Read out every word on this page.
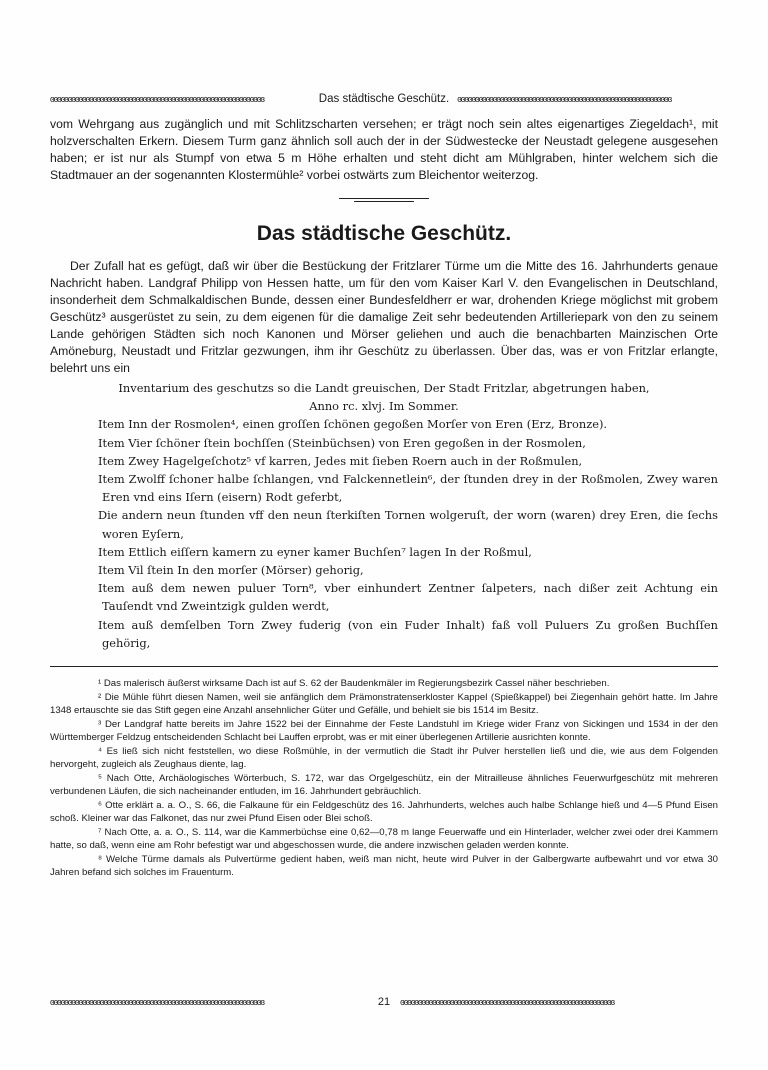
ɞɞɞɞɞɞɞɞɞɞɞɞɞɞɞɞɞɞɞɞɞɞɞɞɞɞɞɞɞɞɞɞɞɞɞɞɞɞɞɞɞɞɞɞɞɞɞɞɞɞɞɞɞɞɞɞɞɞɞɞ	Das städtische Geschütz. ɞɞɞɞɞɞɞɞɞɞɞɞɞɞɞɞɞɞɞɞɞɞɞɞɞɞɞɞɞɞɞɞɞɞɞɞɞɞɞɞɞɞɞɞɞɞɞɞɞɞɞɞɞɞɞɞɞɞɞɞ

vom Wehrgang aus zugänglich und mit Schlitzscharten versehen; er trägt noch sein altes eigenartiges Ziegeldach¹, mit holzverschalten Erkern. Diesem Turm ganz ähnlich soll auch der in der Südwestecke der Neustadt gelegene ausgesehen haben; er ist nur als Stumpf von etwa 5 m Höhe erhalten und steht dicht am Mühlgraben, hinter welchem sich die Stadtmauer an der sogenannten Klostermühle² vorbei ostwärts zum Bleichentor weiterzog.

Das städtische Geschütz.

Der Zufall hat es gefügt, daß wir über die Bestückung der Fritzlarer Türme um die Mitte des 16. Jahrhunderts genaue Nachricht haben. Landgraf Philipp von Hessen hatte, um für den vom Kaiser Karl V. den Evangelischen in Deutschland, insonderheit dem Schmalkaldischen Bunde, dessen einer Bundesfeldherr er war, drohenden Kriege möglichst mit grobem Geschütz³ ausgerüstet zu sein, zu dem eigenen für die damalige Zeit sehr bedeutenden Artilleriepark von den zu seinem Lande gehörigen Städten sich noch Kanonen und Mörser geliehen und auch die benachbarten Mainzischen Orte Amöneburg, Neustadt und Fritzlar gezwungen, ihm ihr Geschütz zu überlassen. Über das, was er von Fritzlar erlangte, belehrt uns ein

Inventarium des geschutzs so die Landt greuischen, Der Stadt Fritzlar, abgetrungen haben,
Anno rc. xlvj. Im Sommer.
Item Inn der Rosmolen⁴, einen groſſen ſchönen gegoßen Morſer von Eren (Erz, Bronze).
Item Vier ſchöner ſtein bochſſen (Steinbüchsen) von Eren gegoßen in der Rosmolen,
Item Zwey Hagelgeſchotz⁵ vf karren, Jedes mit ſieben Roern auch in der Roßmulen,
Item Zwolff ſchoner halbe ſchlangen, vnd Falckennetlein⁶, der ſtunden drey in der Roßmolen, Zwey waren Eren vnd eins Iſern (eisern) Rodt geferbt,
Die andern neun ſtunden vff den neun ſterkiſten Tornen wolgeruſt, der worn (waren) drey Eren, die ſechs woren Eyſern,
Item Ettlich eiſſern kamern zu eyner kamer Buchſen⁷ lagen In der Roßmul,
Item Vil ſtein In den morſer (Mörser) gehorig,
Item auß dem newen puluer Torn⁸, vber einhundert Zentner ſalpeters, nach dißer zeit Achtung ein Tauſendt vnd Zweintzigk gulden werdt,
Item auß demſelben Torn Zwey fuderig (von ein Fuder Inhalt) faß voll Puluers Zu großen Buchſſen gehörig,

¹ Das malerisch äußerst wirksame Dach ist auf S. 62 der Baudenkmäler im Regierungsbezirk Cassel näher beschrieben.

² Die Mühle führt diesen Namen, weil sie anfänglich dem Prämonstratenserkloster Kappel (Spießkappel) bei Ziegenhain gehört hatte. Im Jahre 1348 ertauschte sie das Stift gegen eine Anzahl ansehnlicher Güter und Gefälle, und behielt sie bis 1514 im Besitz.

³ Der Landgraf hatte bereits im Jahre 1522 bei der Einnahme der Feste Landstuhl im Kriege wider Franz von Sickingen und 1534 in der den Württemberger Feldzug entscheidenden Schlacht bei Lauffen erprobt, was er mit einer überlegenen Artillerie ausrichten konnte.

⁴ Es ließ sich nicht feststellen, wo diese Roßmühle, in der vermutlich die Stadt ihr Pulver herstellen ließ und die, wie aus dem Folgenden hervorgeht, zugleich als Zeughaus diente, lag.

⁵ Nach Otte, Archäologisches Wörterbuch, S. 172, war das Orgelgeschütz, ein der Mitrailleuse ähnliches Feuerwurfgeschütz mit mehreren verbundenen Läufen, die sich nacheinander entluden, im 16. Jahrhundert gebräuchlich.

⁶ Otte erklärt a. a. O., S. 66, die Falkaune für ein Feldgeschütz des 16. Jahrhunderts, welches auch halbe Schlange hieß und 4—5 Pfund Eisen schoß. Kleiner war das Falkonet, das nur zwei Pfund Eisen oder Blei schoß.

⁷ Nach Otte, a. a. O., S. 114, war die Kammerbüchse eine 0,62—0,78 m lange Feuerwaffe und ein Hinterlader, welcher zwei oder drei Kammern hatte, so daß, wenn eine am Rohr befestigt war und abgeschossen wurde, die andere inzwischen geladen werden konnte.

⁸ Welche Türme damals als Pulvertürme gedient haben, weiß man nicht, heute wird Pulver in der Galbergwarte aufbewahrt und vor etwa 30 Jahren befand sich solches im Frauenturm.

ɞɞɞɞɞɞɞɞɞɞɞɞɞɞɞɞɞɞɞɞɞɞɞɞɞɞɞɞɞɞɞɞɞɞɞɞɞɞɞɞɞɞɞɞɞɞɞɞɞɞɞɞɞɞɞɞɞɞɞɞ	21	ɞɞɞɞɞɞɞɞɞɞɞɞɞɞɞɞɞɞɞɞɞɞɞɞɞɞɞɞɞɞɞɞɞɞɞɞɞɞɞɞɞɞɞɞɞɞɞɞɞɞɞɞɞɞɞɞɞɞɞɞ
